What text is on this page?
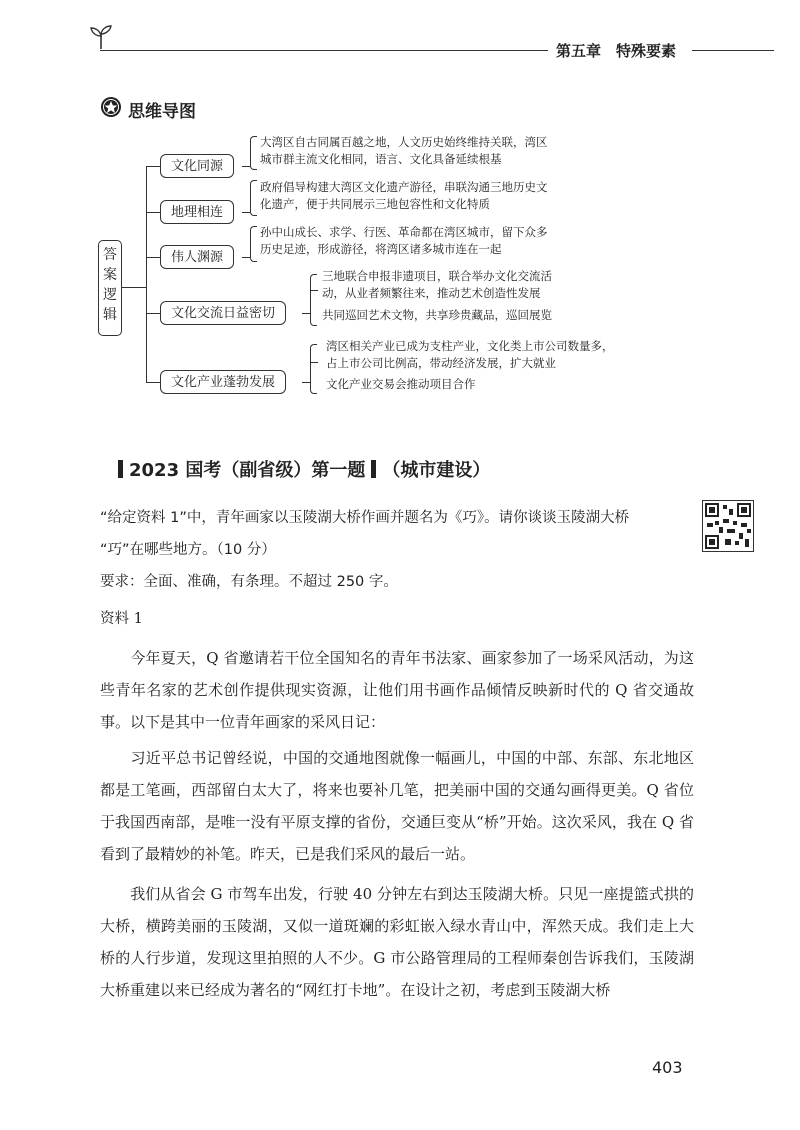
第五章　特殊要素
思维导图
答
案
逻
辑
文化同源
大湾区自古同属百越之地，人文历史始终维持关联，湾区
城市群主流文化相同，语言、文化具备延续根基
地理相连
政府倡导构建大湾区文化遗产游径，串联沟通三地历史文
化遗产，便于共同展示三地包容性和文化特质
伟人渊源
孙中山成长、求学、行医、革命都在湾区城市，留下众多
历史足迹，形成游径，将湾区诸多城市连在一起
文化交流日益密切
三地联合申报非遗项目，联合举办文化交流活
动，从业者频繁往来，推动艺术创造性发展
共同巡回艺术文物，共享珍贵藏品，巡回展览
文化产业蓬勃发展
湾区相关产业已成为支柱产业，文化类上市公司数量多，
占上市公司比例高，带动经济发展，扩大就业
文化产业交易会推动项目合作
2023 国考（副省级）第一题 （城市建设）
“给定资料 1”中，青年画家以玉陵湖大桥作画并题名为《巧》。请你谈谈玉陵湖大桥
“巧”在哪些地方。（10 分）
要求：全面、准确，有条理。不超过 250 字。
资料 1
　　今年夏天，Q 省邀请若干位全国知名的青年书法家、画家参加了一场采风活动，为这些青年名家的艺术创作提供现实资源，让他们用书画作品倾情反映新时代的 Q 省交通故事。以下是其中一位青年画家的采风日记：
　　习近平总书记曾经说，中国的交通地图就像一幅画儿，中国的中部、东部、东北地区都是工笔画，西部留白太大了，将来也要补几笔，把美丽中国的交通勾画得更美。Q 省位于我国西南部，是唯一没有平原支撑的省份，交通巨变从“桥”开始。这次采风，我在 Q 省看到了最精妙的补笔。昨天，已是我们采风的最后一站。
　　我们从省会 G 市驾车出发，行驶 40 分钟左右到达玉陵湖大桥。只见一座提篮式拱的大桥，横跨美丽的玉陵湖，又似一道斑斓的彩虹嵌入绿水青山中，浑然天成。我们走上大桥的人行步道，发现这里拍照的人不少。G 市公路管理局的工程师秦创告诉我们，玉陵湖大桥重建以来已经成为著名的“网红打卡地”。在设计之初，考虑到玉陵湖大桥
403
